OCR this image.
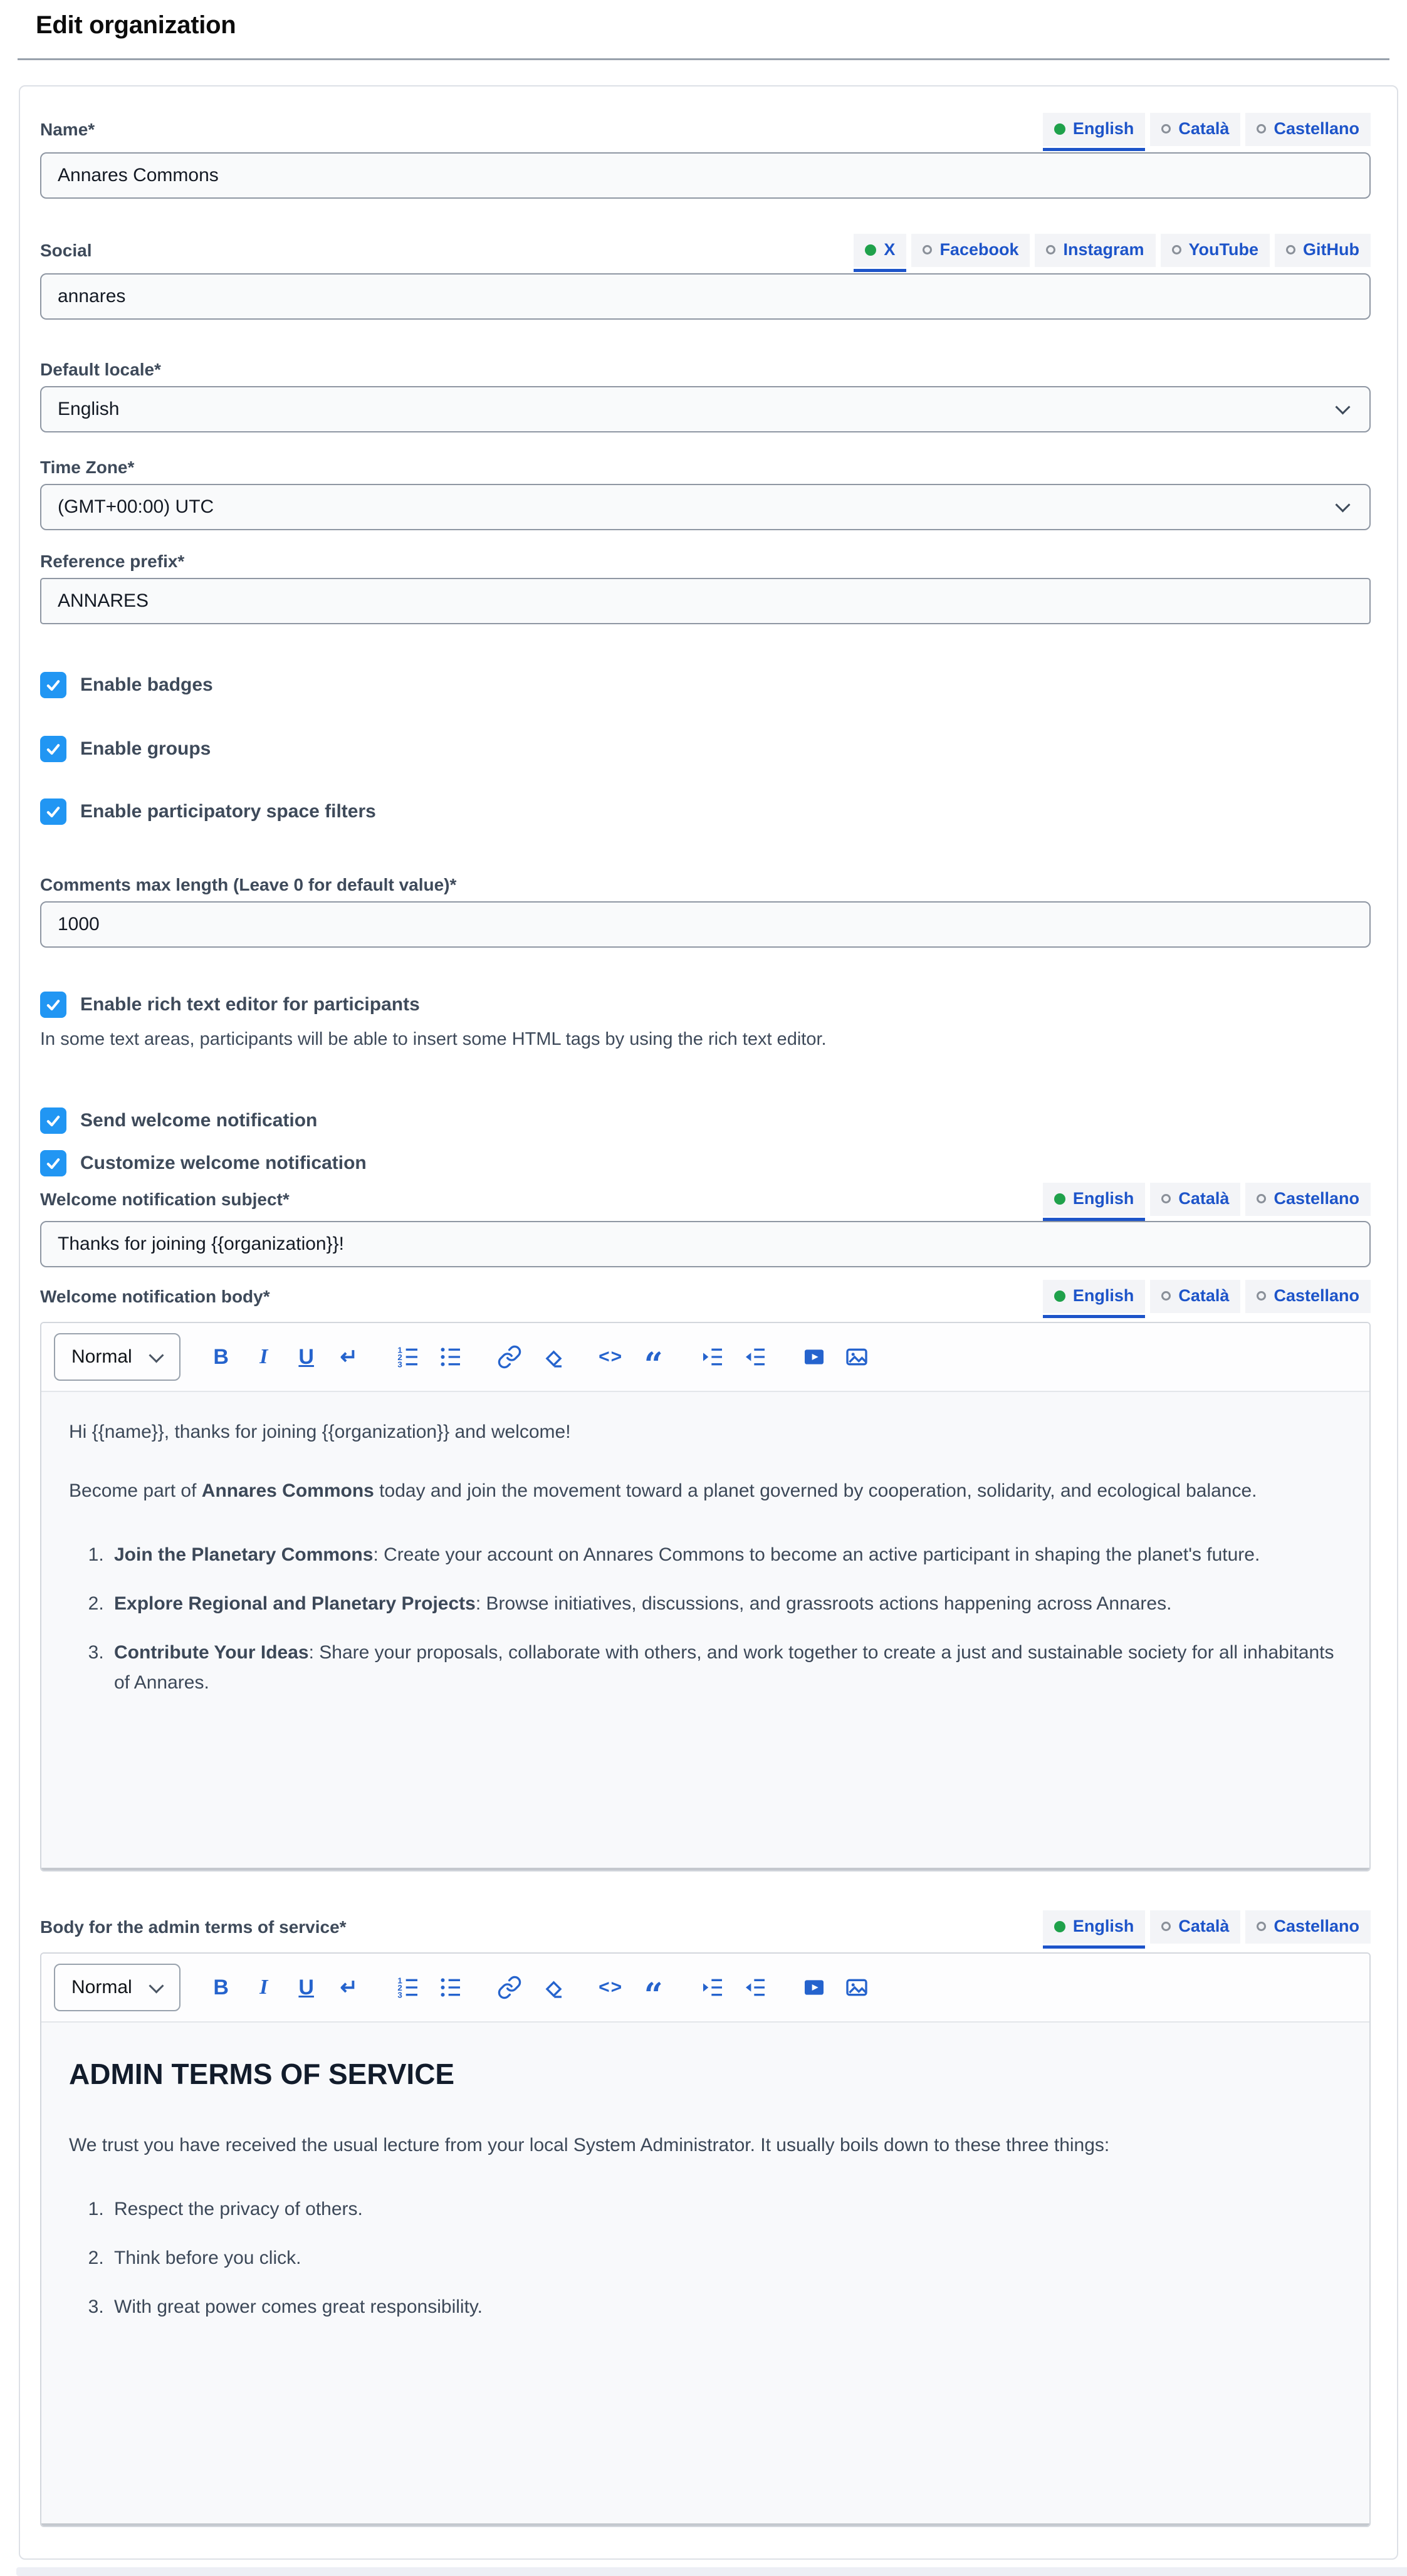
Edit organization
Name*	English	Català	Castellano
Annares Commons
Social	X	Facebook	Instagram	YouTube	GitHub
annares
Default locale*
English
Time Zone*
(GMT+00:00) UTC
Reference prefix*
ANNARES
Enable badges
Enable groups
Enable participatory space filters
Comments max length (Leave 0 for default value)*
1000
Enable rich text editor for participants
In some text areas, participants will be able to insert some HTML tags by using the rich text editor.
Send welcome notification
Customize welcome notification
Welcome notification subject*	English	Català	Castellano
Thanks for joining {{organization}}!
Welcome notification body*	English	Català	Castellano
Normal	B I U ↵	1
2
3	<> “

Hi {{name}}, thanks for joining {{organization}} and welcome!

Become part of Annares Commons today and join the movement toward a planet governed by cooperation, solidarity, and ecological balance.

1. Join the Planetary Commons: Create your account on Annares Commons to become an active participant in shaping the planet's future.
2. Explore Regional and Planetary Projects: Browse initiatives, discussions, and grassroots actions happening across Annares.
3. Contribute Your Ideas: Share your proposals, collaborate with others, and work together to create a just and sustainable society for all inhabitants of Annares.
Body for the admin terms of service*	English	Català	Castellano
Normal	B I U ↵	1
2
3	<> “
ADMIN TERMS OF SERVICE

We trust you have received the usual lecture from your local System Administrator. It usually boils down to these three things:

1. Respect the privacy of others.
2. Think before you click.
3. With great power comes great responsibility.
